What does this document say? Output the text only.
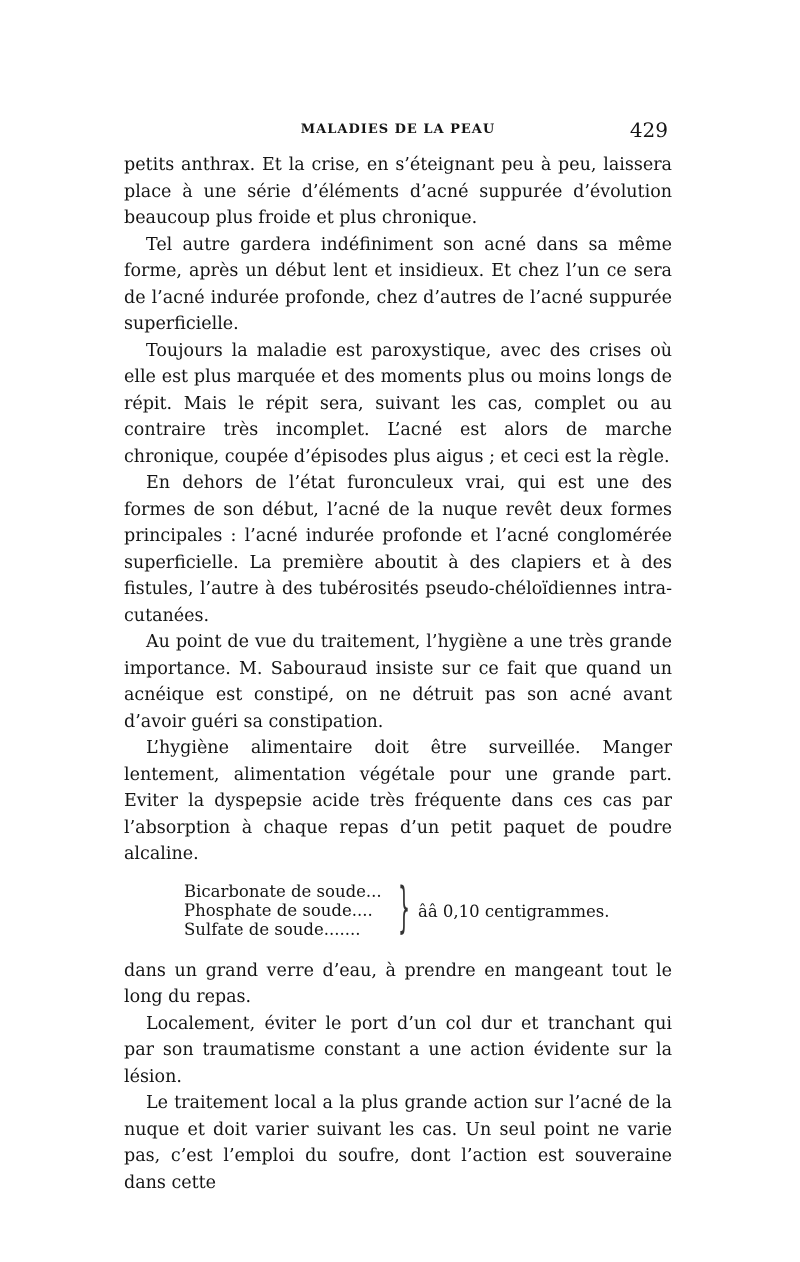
MALADIES DE LA PEAU	429

petits anthrax. Et la crise, en s’éteignant peu à peu, laissera place à une série d’éléments d’acné suppurée d’évolution beaucoup plus froide et plus chronique.

Tel autre gardera indéfiniment son acné dans sa même forme, après un début lent et insidieux. Et chez l’un ce sera de l’acné indurée profonde, chez d’autres de l’acné suppurée superficielle.

Toujours la maladie est paroxystique, avec des crises où elle est plus marquée et des moments plus ou moins longs de répit. Mais le répit sera, suivant les cas, complet ou au contraire très incomplet. L’acné est alors de marche chronique, coupée d’épisodes plus aigus ; et ceci est la règle.

En dehors de l’état furonculeux vrai, qui est une des formes de son début, l’acné de la nuque revêt deux formes principales : l’acné indurée profonde et l’acné conglomérée superficielle. La première aboutit à des clapiers et à des fistules, l’autre à des tubérosités pseudo-chéloïdiennes intra-cutanées.

Au point de vue du traitement, l’hygiène a une très grande importance. M. Sabouraud insiste sur ce fait que quand un acnéique est constipé, on ne détruit pas son acné avant d’avoir guéri sa constipation.

L’hygiène alimentaire doit être surveillée. Manger lentement, alimentation végétale pour une grande part. Eviter la dyspepsie acide très fréquente dans ces cas par l’absorption à chaque repas d’un petit paquet de poudre alcaline.

Bicarbonate de soude...
Phosphate de soude....
Sulfate de soude....... } ââ 0,10 centigrammes.

dans un grand verre d’eau, à prendre en mangeant tout le long du repas.

Localement, éviter le port d’un col dur et tranchant qui par son traumatisme constant a une action évidente sur la lésion.

Le traitement local a la plus grande action sur l’acné de la nuque et doit varier suivant les cas. Un seul point ne varie pas, c’est l’emploi du soufre, dont l’action est souveraine dans cette
